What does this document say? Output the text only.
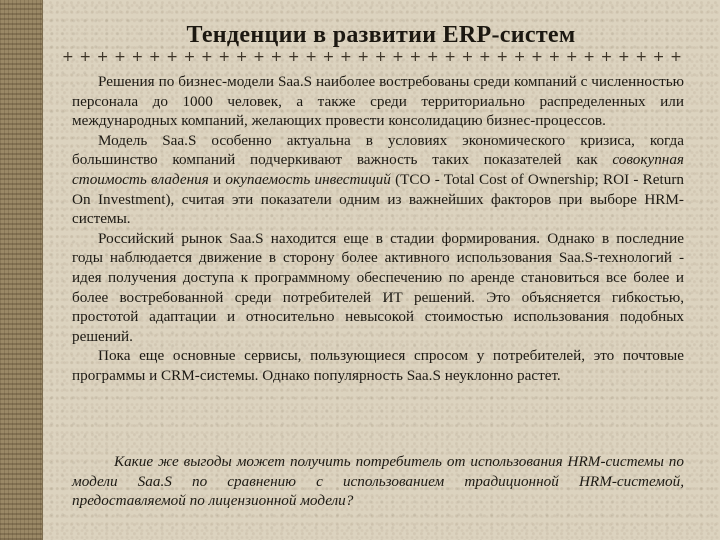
Тенденции в развитии ERP-систем
+ + + + + + + + + + + + + + + + + + + + + + + + + + + + + + + + + + + +

Решения по бизнес-модели Saa.S наиболее востребованы среди компаний с численностью персонала до 1000 человек, а также среди территориально распределенных или международных компаний, желающих провести консолидацию бизнес-процессов.

Модель Saa.S особенно актуальна в условиях экономического кризиса, когда большинство компаний подчеркивают важность таких показателей как совокупная стоимость владения и окупаемость инвестиций (TCO - Total Cost of Ownership; ROI - Return On Investment), считая эти показатели одним из важнейших факторов при выборе HRM-системы.

Российский рынок Saa.S находится еще в стадии формирования. Однако в последние годы наблюдается движение в сторону более активного использования Saa.S-технологий - идея получения доступа к программному обеспечению по аренде становиться все более и более востребованной среди потребителей ИТ решений. Это объясняется гибкостью, простотой адаптации и относительно невысокой стоимостью использования подобных решений.

Пока еще основные сервисы, пользующиеся спросом у потребителей, это почтовые программы и CRM-системы. Однако популярность Saa.S неуклонно растет.

Какие же выгоды может получить потребитель от использования HRM-системы по модели Saa.S по сравнению с использованием традиционной HRM-системой, предоставляемой по лицензионной модели?
